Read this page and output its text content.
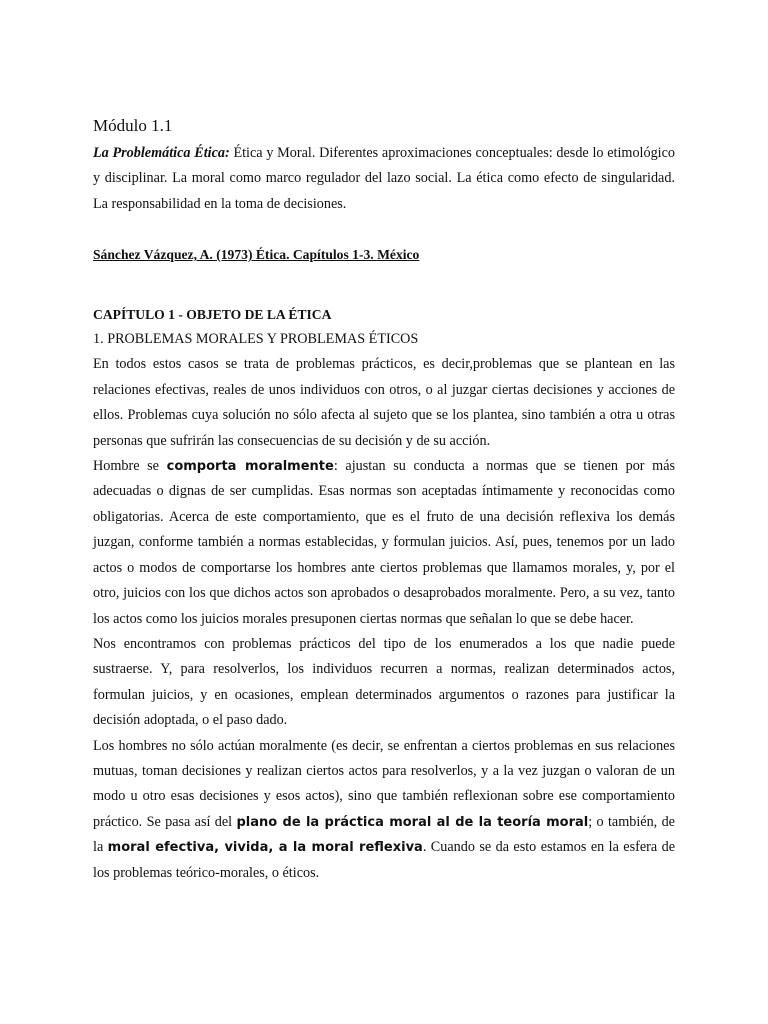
Módulo 1.1

La Problemática Ética: Ética y Moral. Diferentes aproximaciones conceptuales: desde lo etimológico y disciplinar. La moral como marco regulador del lazo social. La ética como efecto de singularidad. La responsabilidad en la toma de decisiones.

Sánchez Vázquez, A. (1973) Ética. Capítulos 1-3. México
CAPÍTULO 1 - OBJETO DE LA ÉTICA
1. PROBLEMAS MORALES Y PROBLEMAS ÉTICOS

En todos estos casos se trata de problemas prácticos, es decir,problemas que se plantean en las relaciones efectivas, reales de unos individuos con otros, o al juzgar ciertas decisiones y acciones de ellos. Problemas cuya solución no sólo afecta al sujeto que se los plantea, sino también a otra u otras personas que sufrirán las consecuencias de su decisión y de su acción.

Hombre se comporta moralmente: ajustan su conducta a normas que se tienen por más adecuadas o dignas de ser cumplidas. Esas normas son aceptadas íntimamente y reconocidas como obligatorias. Acerca de este comportamiento, que es el fruto de una decisión reflexiva los demás juzgan, conforme también a normas establecidas, y formulan juicios. Así, pues, tenemos por un lado actos o modos de comportarse los hombres ante ciertos problemas que llamamos morales, y, por el otro, juicios con los que dichos actos son aprobados o desaprobados moralmente. Pero, a su vez, tanto los actos como los juicios morales presuponen ciertas normas que señalan lo que se debe hacer.

Nos encontramos con problemas prácticos del tipo de los enumerados a los que nadie puede sustraerse. Y, para resolverlos, los individuos recurren a normas, realizan determinados actos, formulan juicios, y en ocasiones, emplean determinados argumentos o razones para justificar la decisión adoptada, o el paso dado.

Los hombres no sólo actúan moralmente (es decir, se enfrentan a ciertos problemas en sus relaciones mutuas, toman decisiones y realizan ciertos actos para resolverlos, y a la vez juzgan o valoran de un modo u otro esas decisiones y esos actos), sino que también reflexionan sobre ese comportamiento práctico. Se pasa así del plano de la práctica moral al de la teoría moral; o también, de la moral efectiva, vivida, a la moral reflexiva. Cuando se da esto estamos en la esfera de los problemas teórico-morales, o éticos.
